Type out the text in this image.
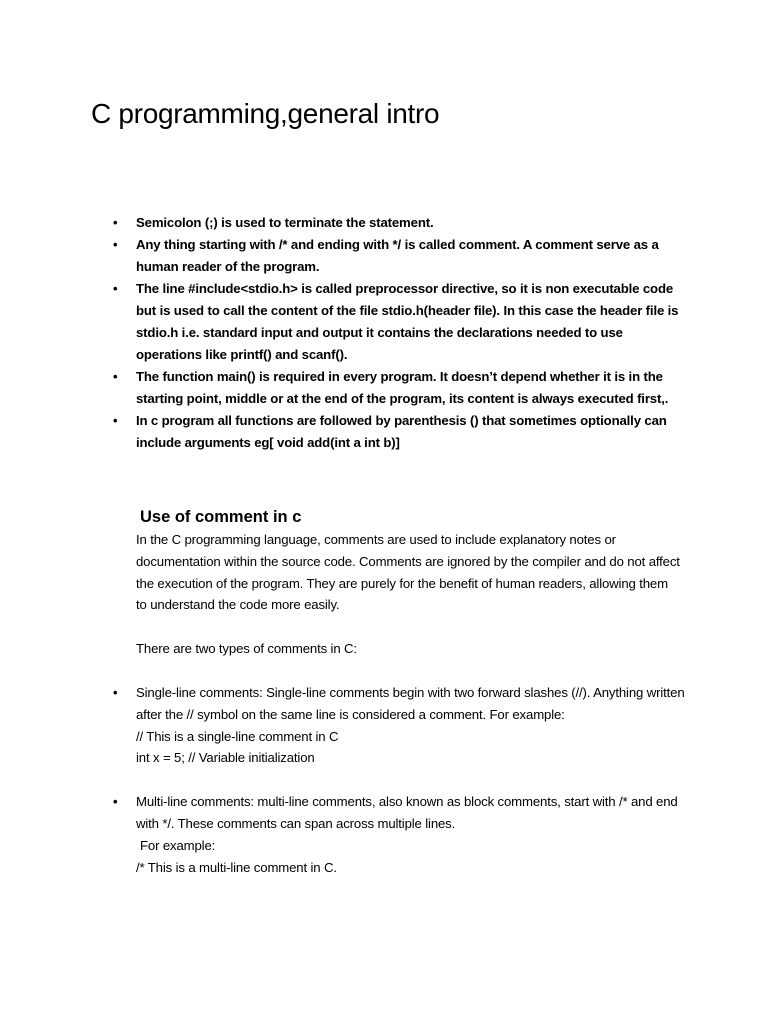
C programming,general intro
• Semicolon (;) is used to terminate the statement.
• Any thing starting with /* and ending with */ is called comment. A comment serve as a human reader of the program.
• The line #include<stdio.h> is called preprocessor directive, so it is non executable code but is used to call the content of the file stdio.h(header file). In this case the header file is stdio.h i.e. standard input and output it contains the declarations needed to use operations like printf() and scanf().
• The function main() is required in every program. It doesn’t depend whether it is in the starting point, middle or at the end of the program, its content is always executed first,.
• In c program all functions are followed by parenthesis () that sometimes optionally can include arguments eg[ void add(int a int b)]
Use of comment in c

In the C programming language, comments are used to include explanatory notes or documentation within the source code. Comments are ignored by the compiler and do not affect the execution of the program. They are purely for the benefit of human readers, allowing them to understand the code more easily.

There are two types of comments in C:

• Single-line comments: Single-line comments begin with two forward slashes (//). Anything written after the // symbol on the same line is considered a comment. For example:
// This is a single-line comment in C
int x = 5; // Variable initialization
• Multi-line comments: multi-line comments, also known as block comments, start with /* and end with */. These comments can span across multiple lines.
For example:
/* This is a multi-line comment in C.
